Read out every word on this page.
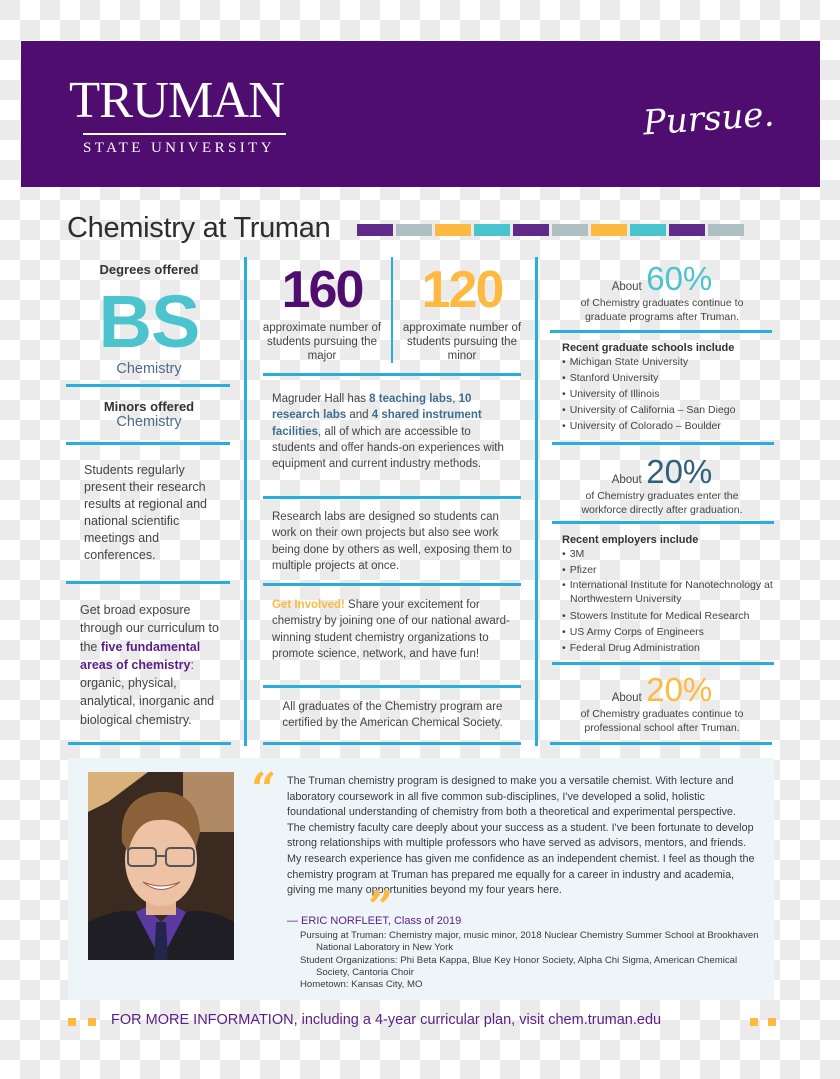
TRUMAN
STATE UNIVERSITY
Pursue.
Chemistry at Truman
Degrees offered
BS
Chemistry
Minors offered
Chemistry
Students regularly present their research results at regional and national scientific meetings and conferences.
Get broad exposure through our curriculum to the five fundamental areas of chemistry: organic, physical, analytical, inorganic and biological chemistry.
160
approximate number of students pursuing the major
120
approximate number of students pursuing the minor
Magruder Hall has 8 teaching labs, 10 research labs and 4 shared instrument facilities, all of which are accessible to students and offer hands-on experiences with equipment and current industry methods.
Research labs are designed so students can work on their own projects but also see work being done by others as well, exposing them to multiple projects at once.
Get Involved! Share your excitement for chemistry by joining one of our national award-winning student chemistry organizations to promote science, network, and have fun!
All graduates of the Chemistry program are certified by the American Chemical Society.
About 60%
of Chemistry graduates continue to graduate programs after Truman.
Recent graduate schools include
• Michigan State University
• Stanford University
• University of Illinois
• University of California – San Diego
• University of Colorado – Boulder
About 20%
of Chemistry graduates enter the workforce directly after graduation.
Recent employers include
• 3M
• Pfizer
• International Institute for Nanotechnology at Northwestern University
• Stowers Institute for Medical Research
• US Army Corps of Engineers
• Federal Drug Administration
About 20%
of Chemistry graduates continue to professional school after Truman.
“ The Truman chemistry program is designed to make you a versatile chemist. With lecture and laboratory coursework in all five common sub-disciplines, I've developed a solid, holistic foundational understanding of chemistry from both a theoretical and experimental perspective. The chemistry faculty care deeply about your success as a student. I've been fortunate to develop strong relationships with multiple professors who have served as advisors, mentors, and friends. My research experience has given me confidence as an independent chemist. I feel as though the chemistry program at Truman has prepared me equally for a career in industry and academia, giving me many opportunities beyond my four years here.
”
— ERIC NORFLEET, Class of 2019

Pursuing at Truman: Chemistry major, music minor, 2018 Nuclear Chemistry Summer School at Brookhaven National Laboratory in New York

Student Organizations: Phi Beta Kappa, Blue Key Honor Society, Alpha Chi Sigma, American Chemical Society, Cantoria Choir

Hometown: Kansas City, MO

FOR MORE INFORMATION, including a 4-year curricular plan, visit chem.truman.edu
